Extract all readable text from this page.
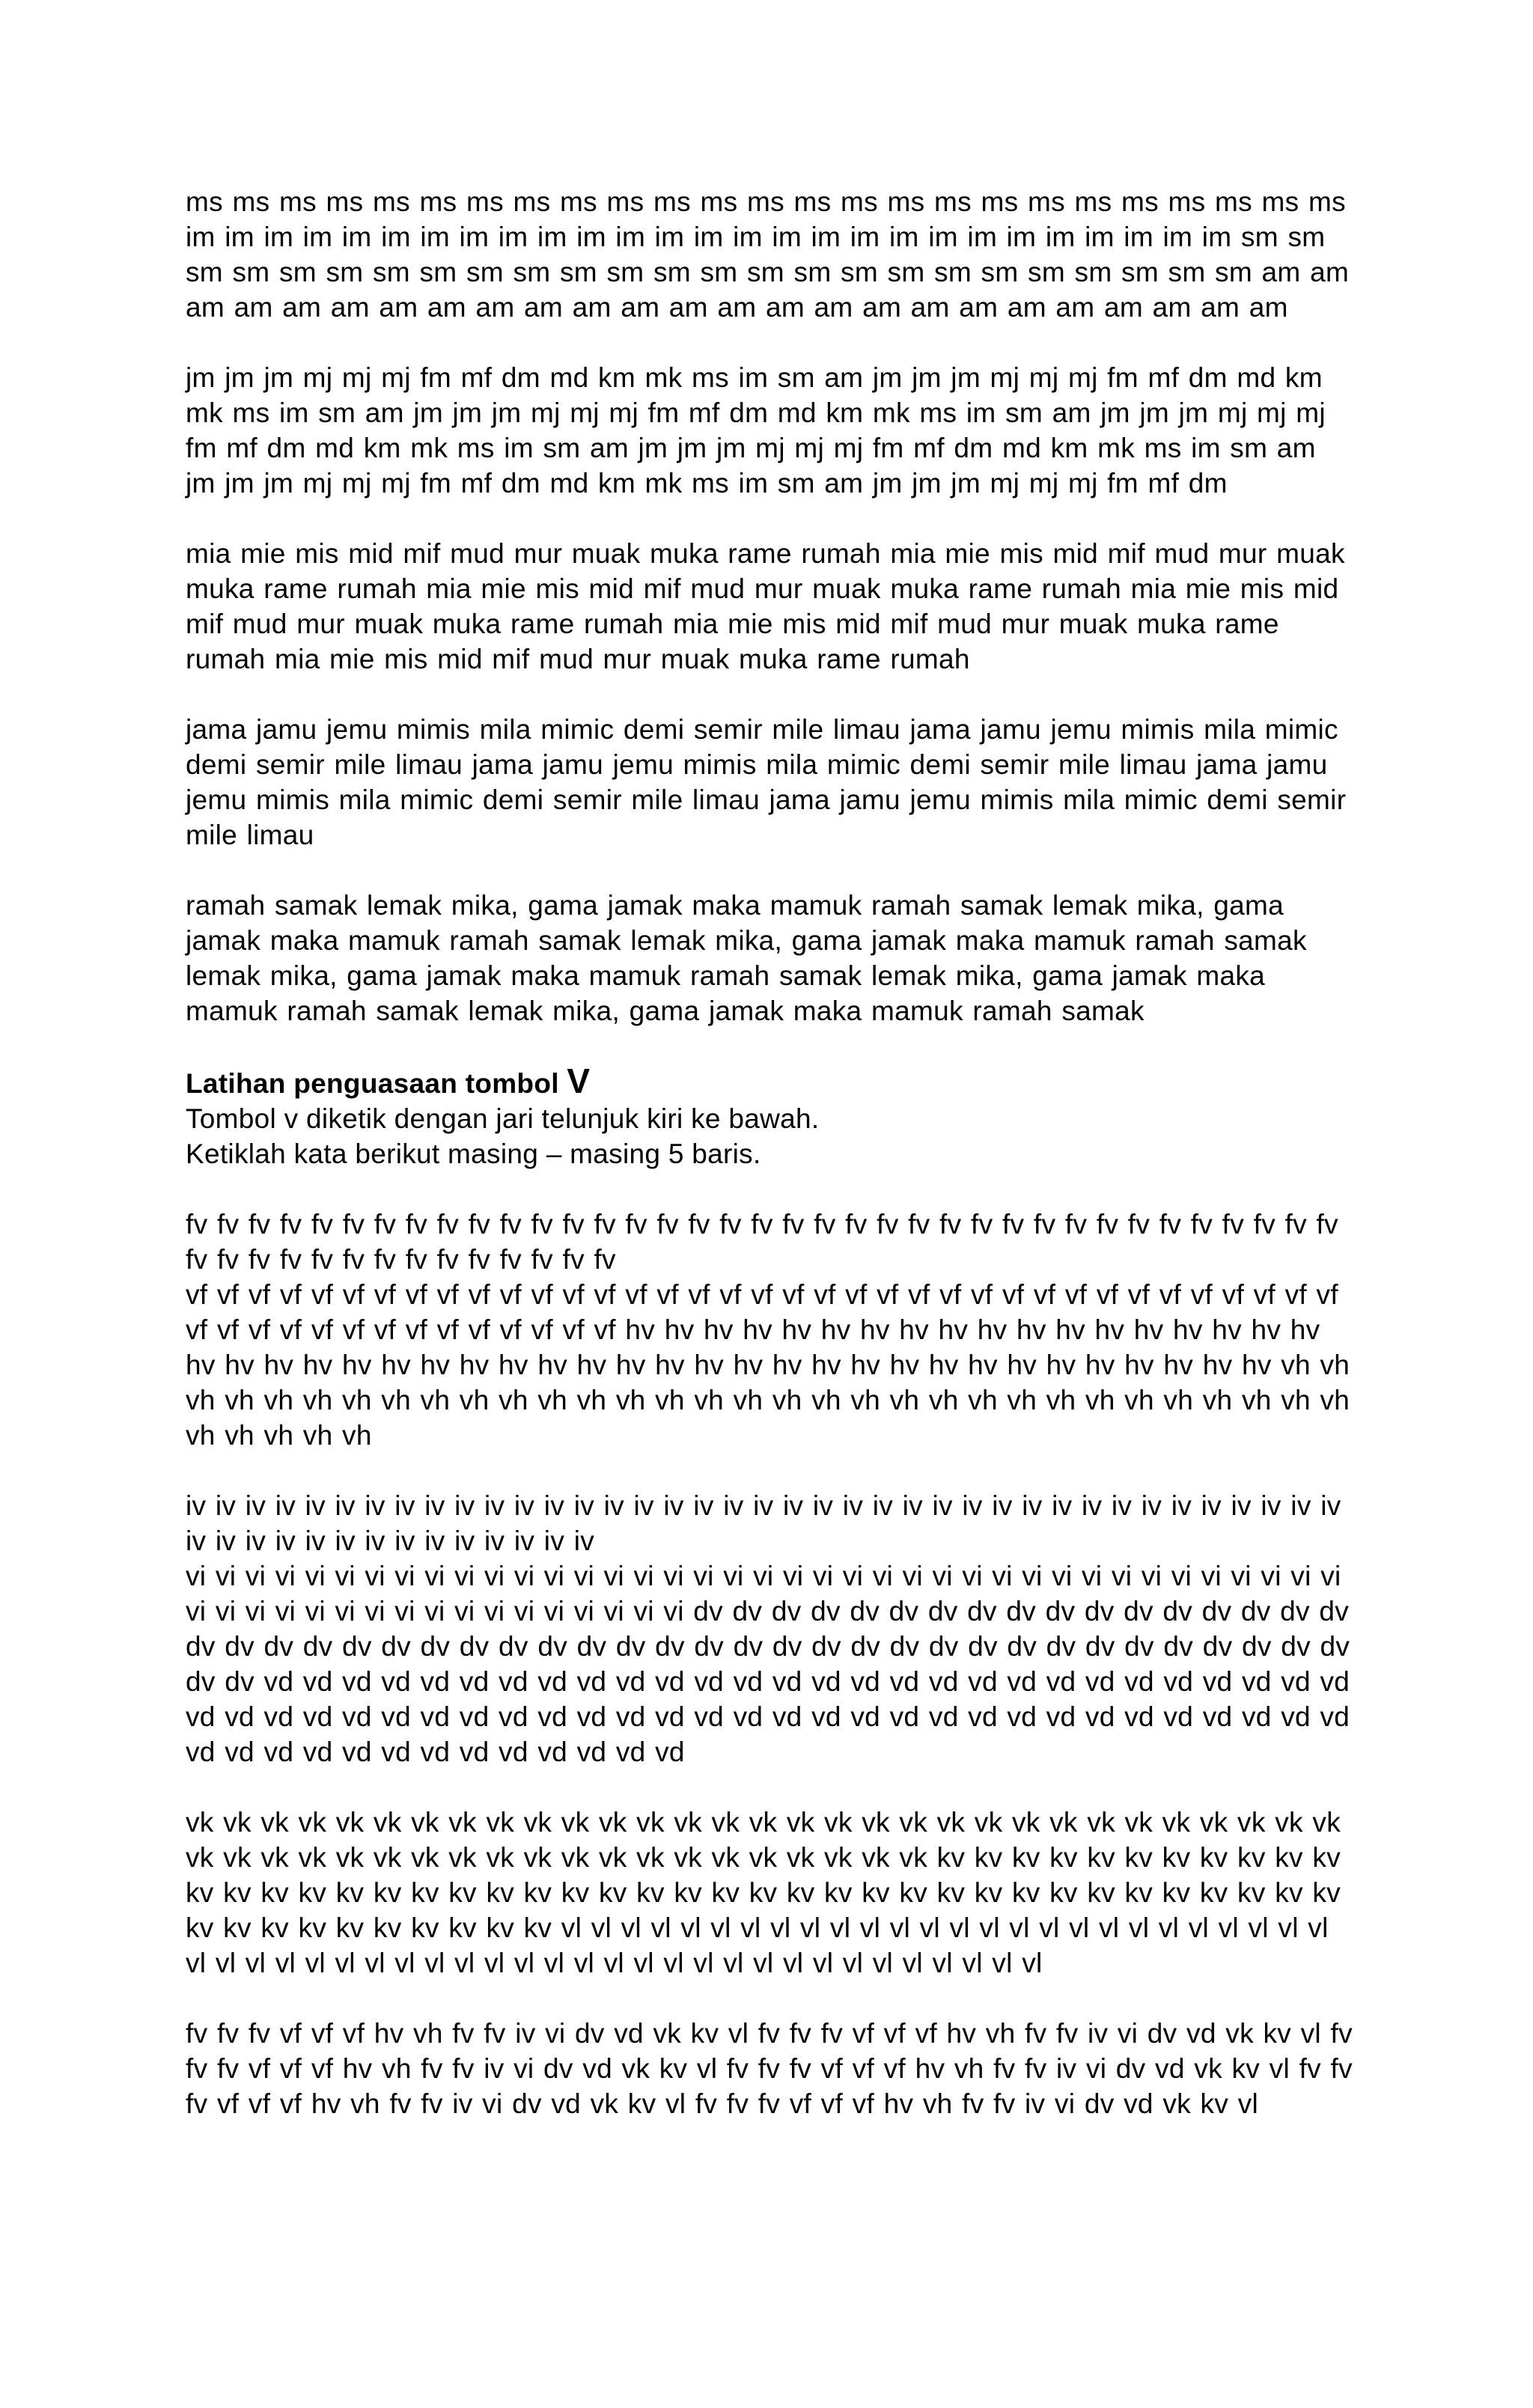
ms ms ms ms ms ms ms ms ms ms ms ms ms ms ms ms ms ms ms ms ms ms ms ms ms im im im im im im im im im im im im im im im im im im im im im im im im im im im sm sm sm sm sm sm sm sm sm sm sm sm sm sm sm sm sm sm sm sm sm sm sm sm sm am am am am am am am am am am am am am am am am am am am am am am am am am

jm jm jm mj mj mj fm mf dm md km mk ms im sm am jm jm jm mj mj mj fm mf dm md km mk ms im sm am jm jm jm mj mj mj fm mf dm md km mk ms im sm am jm jm jm mj mj mj fm mf dm md km mk ms im sm am jm jm jm mj mj mj fm mf dm md km mk ms im sm am jm jm jm mj mj mj fm mf dm md km mk ms im sm am jm jm jm mj mj mj fm mf dm

mia mie mis mid mif mud mur muak muka rame rumah mia mie mis mid mif mud mur muak muka rame rumah mia mie mis mid mif mud mur muak muka rame rumah mia mie mis mid mif mud mur muak muka rame rumah mia mie mis mid mif mud mur muak muka rame rumah mia mie mis mid mif mud mur muak muka rame rumah

jama jamu jemu mimis mila mimic demi semir mile limau jama jamu jemu mimis mila mimic demi semir mile limau jama jamu jemu mimis mila mimic demi semir mile limau jama jamu jemu mimis mila mimic demi semir mile limau jama jamu jemu mimis mila mimic demi semir mile limau

ramah samak lemak mika, gama jamak maka mamuk ramah samak lemak mika, gama jamak maka mamuk ramah samak lemak mika, gama jamak maka mamuk ramah samak lemak mika, gama jamak maka mamuk ramah samak lemak mika, gama jamak maka mamuk ramah samak lemak mika, gama jamak maka mamuk ramah samak

Latihan penguasaan tombol V

Tombol v diketik dengan jari telunjuk kiri ke bawah.

Ketiklah kata berikut masing – masing 5 baris.

fv fv fv fv fv fv fv fv fv fv fv fv fv fv fv fv fv fv fv fv fv fv fv fv fv fv fv fv fv fv fv fv fv fv fv fv fv fv fv fv fv fv fv fv fv fv fv fv fv fv fv

vf vf vf vf vf vf vf vf vf vf vf vf vf vf vf vf vf vf vf vf vf vf vf vf vf vf vf vf vf vf vf vf vf vf vf vf vf vf vf vf vf vf vf vf vf vf vf vf vf vf vf hv hv hv hv hv hv hv hv hv hv hv hv hv hv hv hv hv hv hv hv hv hv hv hv hv hv hv hv hv hv hv hv hv hv hv hv hv hv hv hv hv hv hv hv hv hv vh vh vh vh vh vh vh vh vh vh vh vh vh vh vh vh vh vh vh vh vh vh vh vh vh vh vh vh vh vh vh vh vh vh vh vh vh

iv iv iv iv iv iv iv iv iv iv iv iv iv iv iv iv iv iv iv iv iv iv iv iv iv iv iv iv iv iv iv iv iv iv iv iv iv iv iv iv iv iv iv iv iv iv iv iv iv iv iv iv iv

vi vi vi vi vi vi vi vi vi vi vi vi vi vi vi vi vi vi vi vi vi vi vi vi vi vi vi vi vi vi vi vi vi vi vi vi vi vi vi vi vi vi vi vi vi vi vi vi vi vi vi vi vi vi vi vi dv dv dv dv dv dv dv dv dv dv dv dv dv dv dv dv dv dv dv dv dv dv dv dv dv dv dv dv dv dv dv dv dv dv dv dv dv dv dv dv dv dv dv dv dv dv dv dv dv vd vd vd vd vd vd vd vd vd vd vd vd vd vd vd vd vd vd vd vd vd vd vd vd vd vd vd vd vd vd vd vd vd vd vd vd vd vd vd vd vd vd vd vd vd vd vd vd vd vd vd vd vd vd vd vd vd vd vd vd vd vd vd vd vd vd vd vd vd vd vd

vk vk vk vk vk vk vk vk vk vk vk vk vk vk vk vk vk vk vk vk vk vk vk vk vk vk vk vk vk vk vk vk vk vk vk vk vk vk vk vk vk vk vk vk vk vk vk vk vk vk vk kv kv kv kv kv kv kv kv kv kv kv kv kv kv kv kv kv kv kv kv kv kv kv kv kv kv kv kv kv kv kv kv kv kv kv kv kv kv kv kv kv kv kv kv kv kv kv kv kv kv kv kv vl vl vl vl vl vl vl vl vl vl vl vl vl vl vl vl vl vl vl vl vl vl vl vl vl vl vl vl vl vl vl vl vl vl vl vl vl vl vl vl vl vl vl vl vl vl vl vl vl vl vl vl vl vl vl

fv fv fv vf vf vf hv vh fv fv iv vi dv vd vk kv vl fv fv fv vf vf vf hv vh fv fv iv vi dv vd vk kv vl fv fv fv vf vf vf hv vh fv fv iv vi dv vd vk kv vl fv fv fv vf vf vf hv vh fv fv iv vi dv vd vk kv vl fv fv fv vf vf vf hv vh fv fv iv vi dv vd vk kv vl fv fv fv vf vf vf hv vh fv fv iv vi dv vd vk kv vl
